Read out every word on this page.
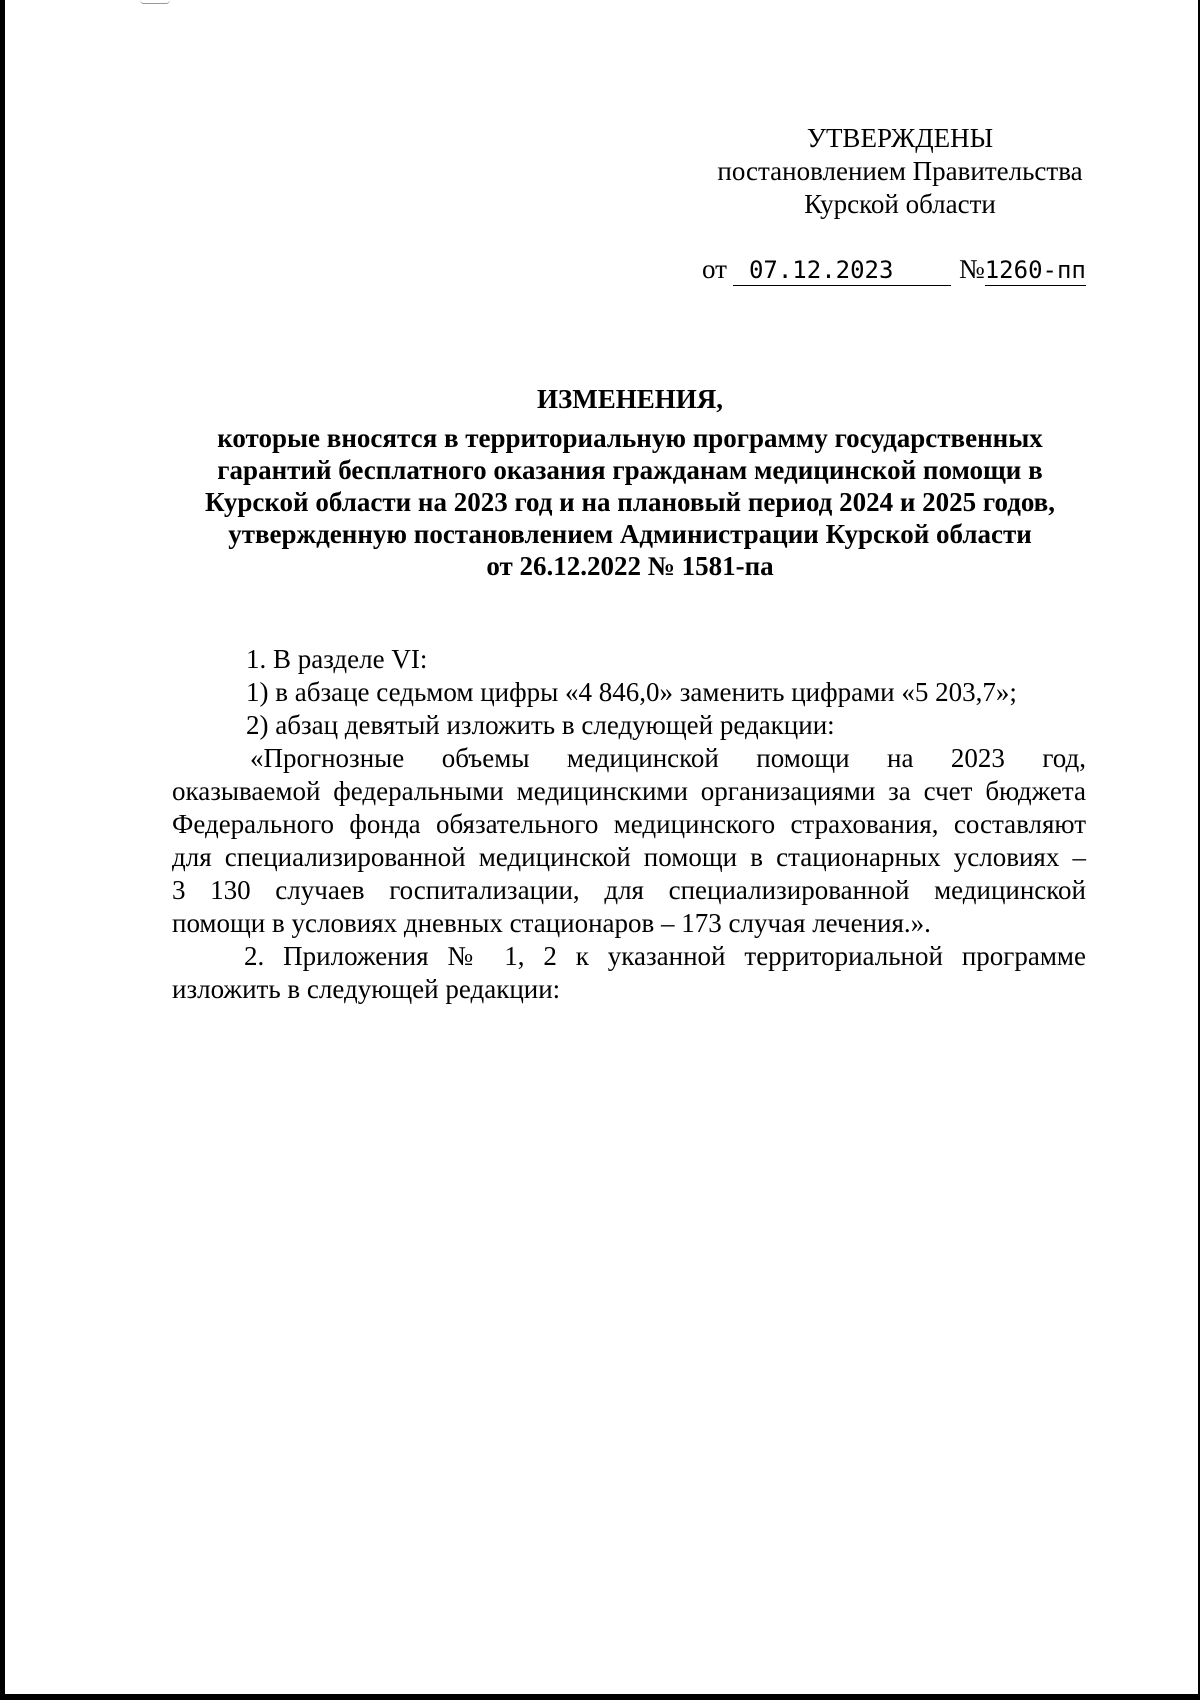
УТВЕРЖДЕНЫ
постановлением Правительства
Курской области
от 07.12.2023 №1260-пп
ИЗМЕНЕНИЯ,
которые вносятся в территориальную программу государственных
гарантий бесплатного оказания гражданам медицинской помощи в
Курской области на 2023 год и на плановый период 2024 и 2025 годов,
утвержденную постановлением Администрации Курской области
от 26.12.2022 № 1581-па

1. В разделе VI:

1) в абзаце седьмом цифры «4 846,0» заменить цифрами «5 203,7»;

2) абзац девятый изложить в следующей редакции:

«Прогнозные объемы медицинской помощи на 2023 год,
оказываемой федеральными медицинскими организациями за счет бюджета
Федерального фонда обязательного медицинского страхования, составляют
для специализированной медицинской помощи в стационарных условиях –
3 130 случаев госпитализации, для специализированной медицинской
помощи в условиях дневных стационаров – 173 случая лечения.».
2. Приложения № 1, 2 к указанной территориальной программе
изложить в следующей редакции:
